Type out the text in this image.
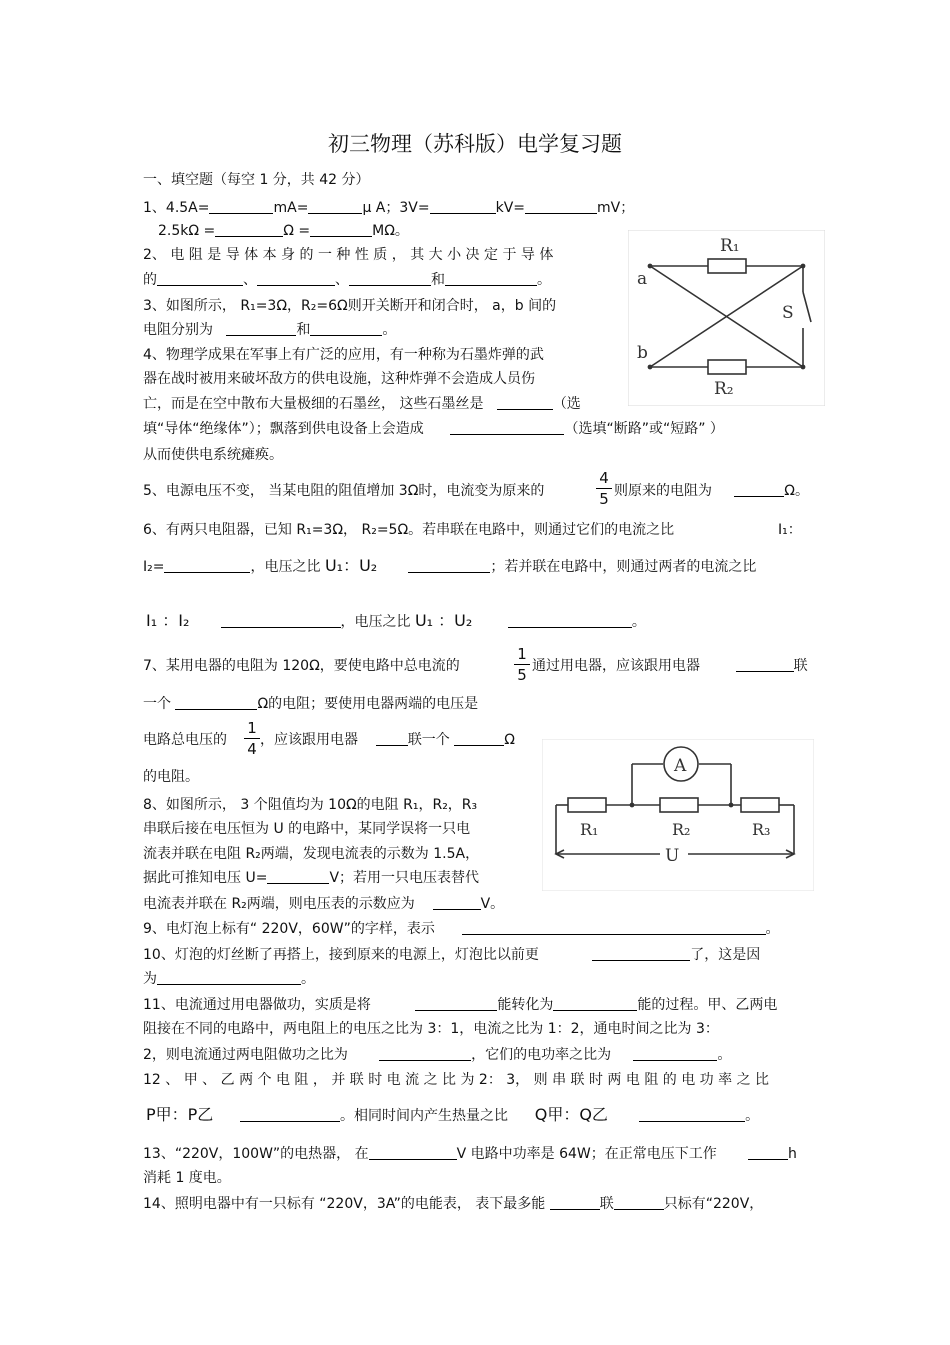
初三物理（苏科版）电学复习题
一、填空题（每空 1 分，共 42 分）
1、4.5A=	mA=	μ A；3V=	kV=	mV；
2.5kΩ =	Ω =	MΩ。
2、 电 阻 是 导 体 本 身 的 一 种 性 质 ， 其 大 小 决 定 于 导 体
的	、	、	和	。
3、如图所示， R₁=3Ω，R₂=6Ω则开关断开和闭合时， a，b 间的
电阻分别为	和	。
4、物理学成果在军事上有广泛的应用，有一种称为石墨炸弹的武
器在战时被用来破坏敌方的供电设施，这种炸弹不会造成人员伤
亡，而是在空中散布大量极细的石墨丝， 这些石墨丝是	（选
填“导体“绝缘体”）；飘落到供电设备上会造成	（选填“断路”或“短路” ）
从而使供电系统瘫痪。
R₁
R₂
a
b
S
5、电源电压不变， 当某电阻的阻值增加 3Ω时，电流变为原来的
4
5 则原来的电阻为	Ω。
6、有两只电阻器，已知 R₁=3Ω， R₂=5Ω。若串联在电路中，则通过它们的电流之比	I₁：
I₂=	，电压之比 U₁：U₂	；若并联在电路中，则通过两者的电流之比
I₁ ：I₂	，电压之比 U₁ ：U₂	。
7、某用电器的电阻为 120Ω，要使电路中总电流的
1
5 通过用电器，应该跟用电器	联
一个	Ω的电阻；要使用电器两端的电压是
电路总电压的
1
4 ，应该跟用电器	联一个	Ω
的电阻。
A
R₁	R₂	R₃
U
8、如图所示， 3 个阻值均为 10Ω的电阻 R₁，R₂，R₃
串联后接在电压恒为 U 的电路中，某同学误将一只电
流表并联在电阻 R₂两端，发现电流表的示数为 1.5A，
据此可推知电压 U=	V；若用一只电压表替代
电流表并联在 R₂两端，则电压表的示数应为	V。
9、电灯泡上标有“ 220V，60W”的字样，表示	。
10、灯泡的灯丝断了再搭上，接到原来的电源上，灯泡比以前更	了，这是因
为	。
11、电流通过用电器做功，实质是将	能转化为	能的过程。甲、乙两电
阻接在不同的电路中，两电阻上的电压之比为 3：1，电流之比为 1：2，通电时间之比为 3：
2，则电流通过两电阻做功之比为	，它们的电功率之比为	。
12 、 甲 、 乙 两 个 电 阻 ， 并 联 时 电 流 之 比 为 2： 3， 则 串 联 时 两 电 阻 的 电 功 率 之 比
P甲：P乙	。相同时间内产生热量之比 Q甲：Q乙	。
13、“220V，100W”的电热器， 在	V 电路中功率是 64W；在正常电压下工作	h
消耗 1 度电。
14、照明电器中有一只标有 “220V，3A”的电能表， 表下最多能	联	只标有“220V，
